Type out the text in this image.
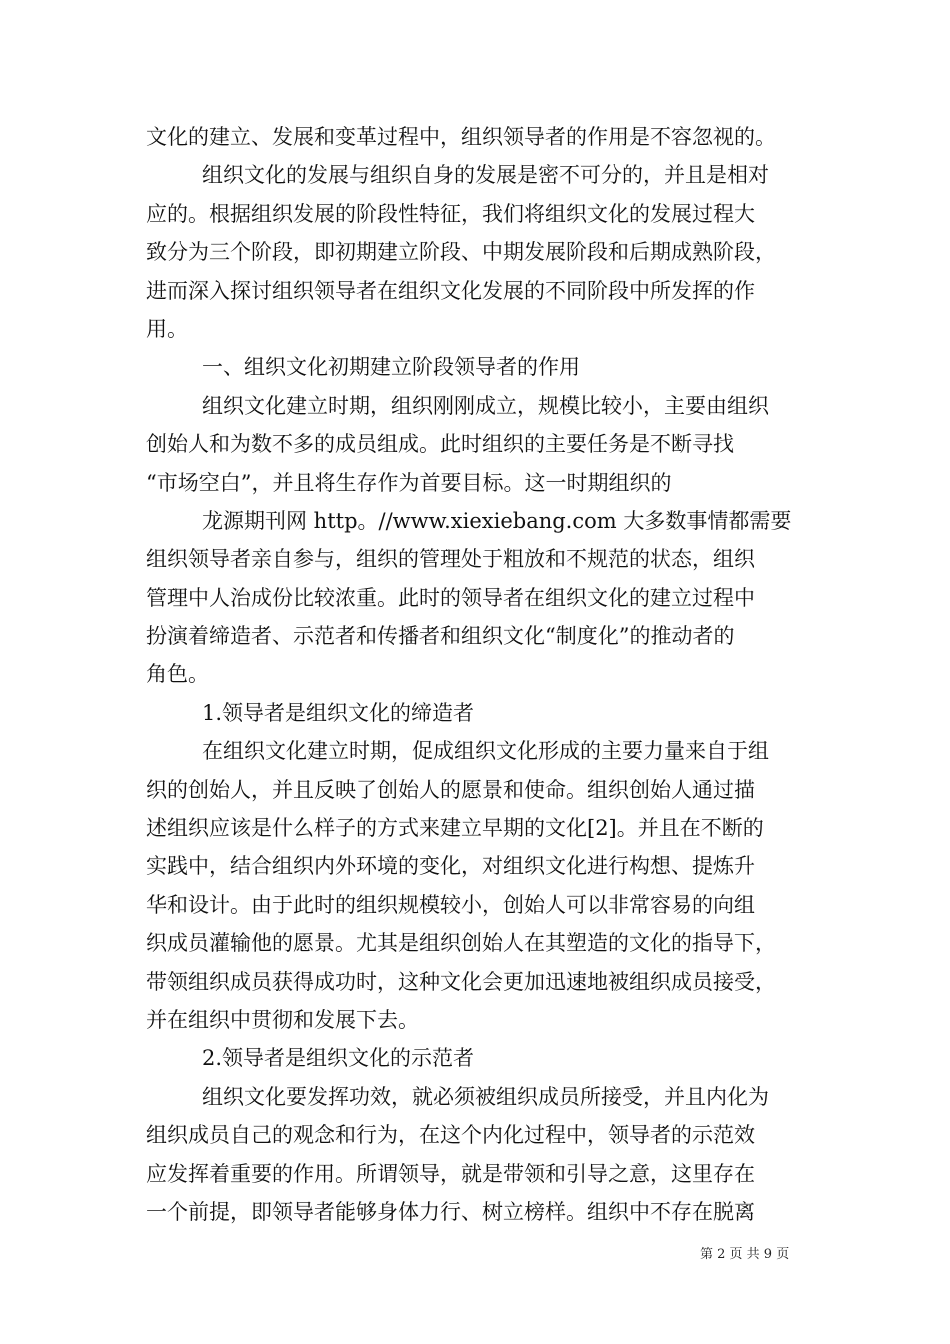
文化的建立、发展和变革过程中，组织领导者的作用是不容忽视的。
组织文化的发展与组织自身的发展是密不可分的，并且是相对
应的。根据组织发展的阶段性特征，我们将组织文化的发展过程大
致分为三个阶段，即初期建立阶段、中期发展阶段和后期成熟阶段，
进而深入探讨组织领导者在组织文化发展的不同阶段中所发挥的作
用。
一、组织文化初期建立阶段领导者的作用
组织文化建立时期，组织刚刚成立，规模比较小，主要由组织
创始人和为数不多的成员组成。此时组织的主要任务是不断寻找
“市场空白”，并且将生存作为首要目标。这一时期组织的
龙源期刊网 http。//www.xiexiebang.com 大多数事情都需要
组织领导者亲自参与，组织的管理处于粗放和不规范的状态，组织
管理中人治成份比较浓重。此时的领导者在组织文化的建立过程中
扮演着缔造者、示范者和传播者和组织文化“制度化”的推动者的
角色。
1.领导者是组织文化的缔造者
在组织文化建立时期，促成组织文化形成的主要力量来自于组
织的创始人，并且反映了创始人的愿景和使命。组织创始人通过描
述组织应该是什么样子的方式来建立早期的文化[2]。并且在不断的
实践中，结合组织内外环境的变化，对组织文化进行构想、提炼升
华和设计。由于此时的组织规模较小，创始人可以非常容易的向组
织成员灌输他的愿景。尤其是组织创始人在其塑造的文化的指导下，
带领组织成员获得成功时，这种文化会更加迅速地被组织成员接受，
并在组织中贯彻和发展下去。
2.领导者是组织文化的示范者
组织文化要发挥功效，就必须被组织成员所接受，并且内化为
组织成员自己的观念和行为，在这个内化过程中，领导者的示范效
应发挥着重要的作用。所谓领导，就是带领和引导之意，这里存在
一个前提，即领导者能够身体力行、树立榜样。组织中不存在脱离
第 2 页 共 9 页
